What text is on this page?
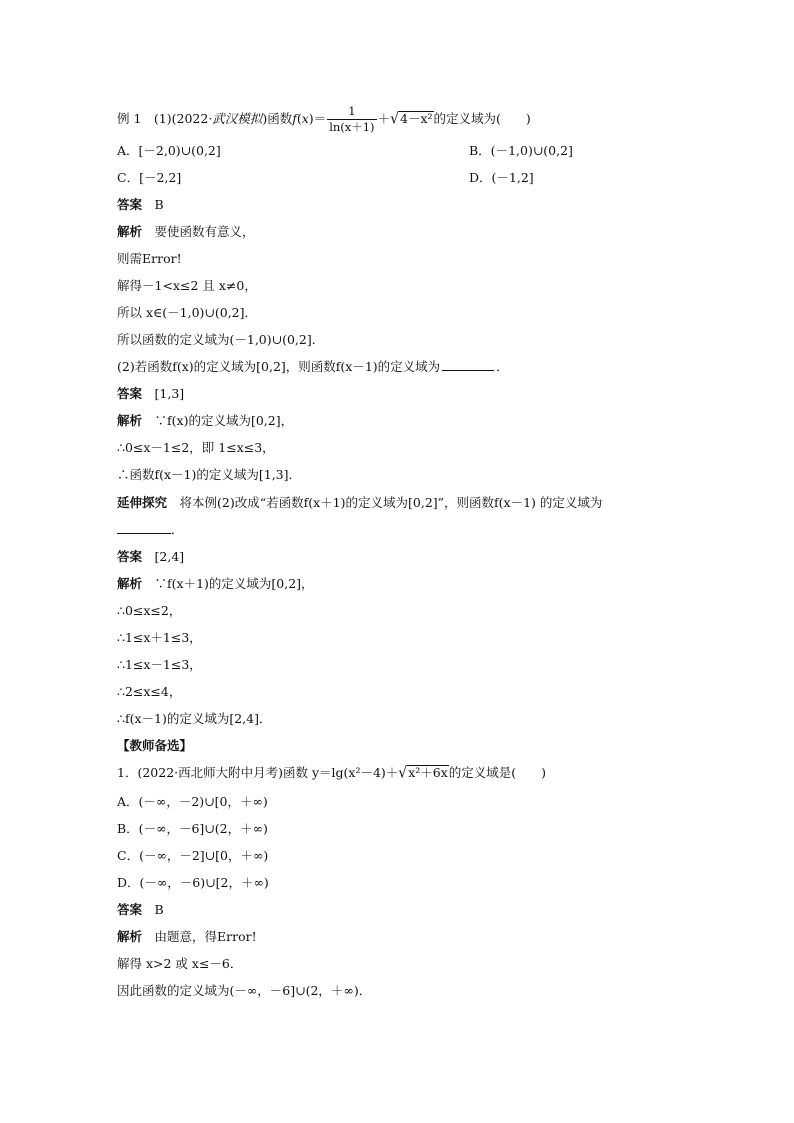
例 1　(1)(2022·武汉模拟)函数$f(x)= \frac{1}{\ln(x+1)} +√4-x^2$的定义域为(　　)
A．[－2,0)∪(0,2]	B．(－1,0)∪(0,2]
C．[－2,2]	D．(－1,2]
答案　 B
解析　 要使函数有意义，
则需Error!
解得－1<x≤2 且 x≠0，
所以 x∈(－1,0)∪(0,2]．
所以函数的定义域为(－1,0)∪(0,2]．
(2)若函数f(x)的定义域为[0,2]，则函数f(x－1)的定义域为	．
答案　 [1,3]
解析　 ∵f(x)的定义域为[0,2]，
∴0≤x－1≤2，即 1≤x≤3，
∴函数f(x－1)的定义域为[1,3]．
延伸探究　 将本例(2)改成“若函数f(x＋1)的定义域为[0,2]”，则函数f(x－1) 的定义域为
．
答案　 [2,4]
解析　 ∵f(x＋1)的定义域为[0,2]，
∴0≤x≤2，
∴1≤x＋1≤3，
∴1≤x－1≤3，
∴2≤x≤4，
∴f(x－1)的定义域为[2,4]．
【教师备选】
1．(2022·西北师大附中月考)函数 y＝lg(x²－4)＋√x²＋6x的定义域是(　　)
A．(－∞，－2)∪[0，＋∞)
B．(－∞，－6]∪(2，＋∞)
C．(－∞，－2]∪[0，＋∞)
D．(－∞，－6)∪[2，＋∞)
答案　 B
解析　 由题意，得Error!
解得 x>2 或 x≤－6．
因此函数的定义域为(－∞，－6]∪(2，＋∞)．
